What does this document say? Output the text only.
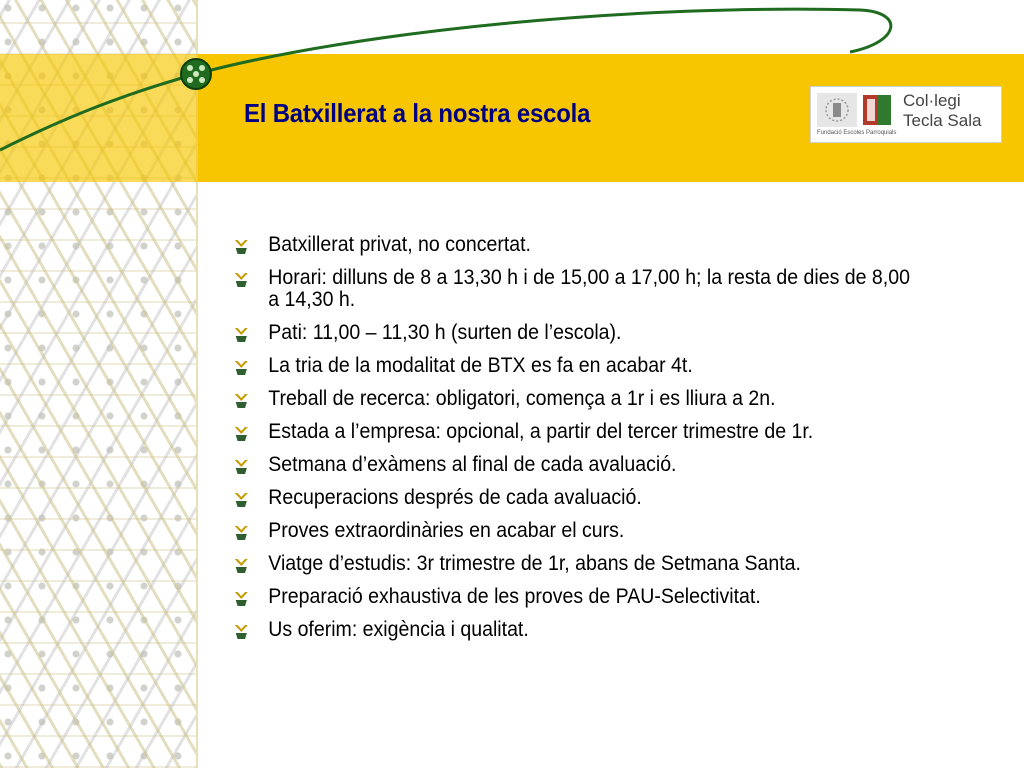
El Batxillerat a la nostra escola	Col·legi
Tecla Sala
Fundació Escoles Parroquials
Batxillerat privat, no concertat.
Horari: dilluns de 8 a 13,30 h i de 15,00 a 17,00 h; la resta de dies de 8,00 a 14,30 h.
Pati: 11,00 – 11,30 h (surten de l’escola).
La tria de la modalitat de BTX es fa en acabar 4t.
Treball de recerca: obligatori, comença a 1r i es lliura a 2n.
Estada a l’empresa: opcional, a partir del tercer trimestre de 1r.
Setmana d’exàmens al final de cada avaluació.
Recuperacions després de cada avaluació.
Proves extraordinàries en acabar el curs.
Viatge d’estudis: 3r trimestre de 1r, abans de Setmana Santa.
Preparació exhaustiva de les proves de PAU-Selectivitat.
Us oferim: exigència i qualitat.
